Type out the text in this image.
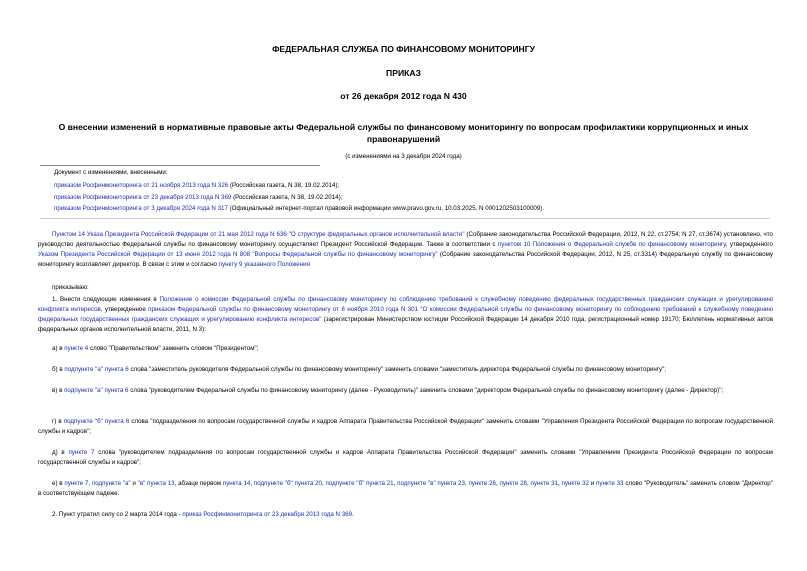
ФЕДЕРАЛЬНАЯ СЛУЖБА ПО ФИНАНСОВОМУ МОНИТОРИНГУ
ПРИКАЗ
от 26 декабря 2012 года N 430
О внесении изменений в нормативные правовые акты Федеральной службы по финансовому мониторингу по вопросам профилактики коррупционных и иных правонарушений
(с изменениями на 3 декабря 2024 года)
Документ с изменениями, внесенными:
приказом Росфинмониторинга от 21 ноября 2013 года N 326 (Российская газета, N 38, 19.02.2014);
приказом Росфинмониторинга от 23 декабря 2013 года N 369 (Российская газета, N 38, 19.02.2014);
приказом Росфинмониторинга от 3 декабря 2024 года N 317 (Официальный интернет-портал правовой информации www.pravo.gov.ru, 10.03.2025, N 0001202503100009).
Пунктом 14 Указа Президента Российской Федерации от 21 мая 2012 года N 636 "О структуре федеральных органов исполнительной власти" (Собрание законодательства Российской Федерации, 2012, N 22, ст.2754; N 27, ст.3674) установлено, что руководство деятельностью Федеральной службы по финансовому мониторингу осуществляет Президент Российской Федерации. Также в соответствии с пунктом 10 Положения о Федеральной службе по финансовому мониторингу, утвержденного Указом Президента Российской Федерации от 13 июня 2012 года N 808 "Вопросы Федеральной службы по финансовому мониторингу" (Собрание законодательства Российской Федерации, 2012, N 25, ст.3314) Федеральную службу по финансовому мониторингу возглавляет директор. В связи с этим и согласно пункту 9 указанного Положения
приказываю:
1. Внести следующие изменения в Положение о комиссии Федеральной службы по финансовому мониторингу по соблюдению требований к служебному поведению федеральных государственных гражданских служащих и урегулированию конфликта интересов, утвержденное приказом Федеральной службы по финансовому мониторингу от 8 ноября 2010 года N 301 "О комиссии Федеральной службы по финансовому мониторингу по соблюдению требований к служебному поведению федеральных государственных гражданских служащих и урегулированию конфликта интересов" (зарегистрирован Министерством юстиции Российской Федерации 14 декабря 2010 года, регистрационный номер 19170; Бюллетень нормативных актов федеральных органов исполнительной власти, 2011, N 3):
а) в пункте 4 слово "Правительством" заменить словом "Президентом";
б) в подпункте "а" пункта 6 слова "заместитель руководителя Федеральной службы по финансовому мониторингу" заменить словами "заместитель директора Федеральной службы по финансовому мониторингу";
в) в подпункте "а" пункта 6 слова "руководителем Федеральной службы по финансовому мониторингу (далее - Руководитель)" заменить словами "директором Федеральной службы по финансовому мониторингу (далее - Директор)";
г) в подпункте "б" пункта 6 слова "подразделения по вопросам государственной службы и кадров Аппарата Правительства Российской Федерации" заменить словами "Управления Президента Российской Федерации по вопросам государственной службы и кадров";
д) в пункте 7 слова "руководителем подразделения по вопросам государственной службы и кадров Аппарата Правительства Российской Федерации" заменить словами "Управлением Президента Российской Федерации по вопросам государственной службы и кадров";
е) в пункте 7, подпункте "а" и "в" пункта 13, абзаце первом пункта 14, подпункте "б" пункта 20, подпункте "б" пункта 21, подпункте "в" пункта 23, пункте 26, пункте 28, пункте 31, пункте 32 и пункте 33 слово "Руководитель" заменить словом "Директор" в соответствующем падеже.
2. Пункт утратил силу со 2 марта 2014 года - приказ Росфинмониторинга от 23 декабря 2013 года N 369.
